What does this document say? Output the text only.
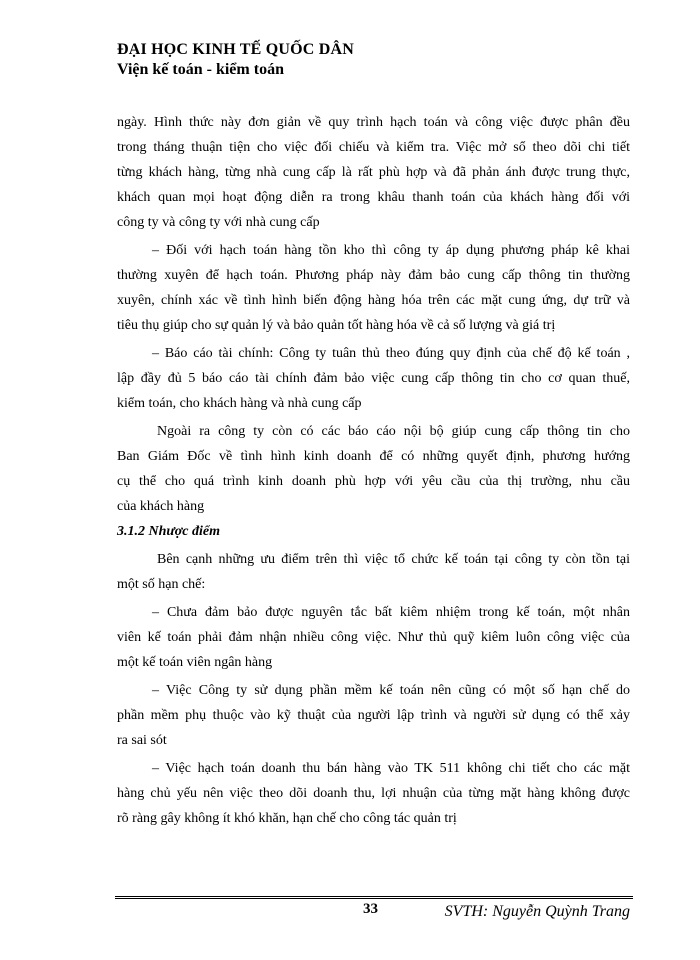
ĐẠI HỌC KINH TẾ QUỐC DÂN
Viện kế toán - kiểm toán
ngày. Hình thức này đơn giản về quy trình hạch toán và công việc được phân đều
trong tháng thuận tiện cho việc đối chiếu và kiểm tra. Việc mở sổ theo dõi chi tiết
từng khách hàng, từng nhà cung cấp là rất phù hợp và đã phản ánh được trung thực,
khách quan mọi hoạt động diễn ra trong khâu thanh toán của khách hàng đối với
công ty và công ty với nhà cung cấp
– Đối với hạch toán hàng tồn kho thì công ty áp dụng phương pháp kê khai
thường xuyên để hạch toán. Phương pháp này đảm bảo cung cấp thông tin thường
xuyên, chính xác về tình hình biến động hàng hóa trên các mặt cung ứng, dự trữ và
tiêu thụ giúp cho sự quản lý và bảo quản tốt hàng hóa về cả số lượng và giá trị
– Báo cáo tài chính: Công ty tuân thủ theo đúng quy định của chế độ kế toán ,
lập đầy đủ 5 báo cáo tài chính đảm bảo việc cung cấp thông tin cho cơ quan thuế,
kiểm toán, cho khách hàng và nhà cung cấp
Ngoài ra công ty còn có các báo cáo nội bộ giúp cung cấp thông tin cho
Ban Giám Đốc về tình hình kinh doanh để có những quyết định, phương hướng
cụ thể cho quá trình kinh doanh phù hợp với yêu cầu của thị trường, nhu cầu
của khách hàng
3.1.2 Nhược điểm
Bên cạnh những ưu điểm trên thì việc tổ chức kế toán tại công ty còn tồn tại
một số hạn chế:
– Chưa đảm bảo được nguyên tắc bất kiêm nhiệm trong kế toán, một nhân
viên kế toán phải đảm nhận nhiều công việc. Như thủ quỹ kiêm luôn công việc của
một kế toán viên ngân hàng
– Việc Công ty sử dụng phần mềm kế toán nên cũng có một số hạn chế do
phần mềm phụ thuộc vào kỹ thuật của người lập trình và người sử dụng có thể xảy
ra sai sót
– Việc hạch toán doanh thu bán hàng vào TK 511 không chi tiết cho các mặt
hàng chủ yếu nên việc theo dõi doanh thu, lợi nhuận của từng mặt hàng không được
rõ ràng gây không ít khó khăn, hạn chế cho công tác quản trị
33	SVTH: Nguyễn Quỳnh Trang
